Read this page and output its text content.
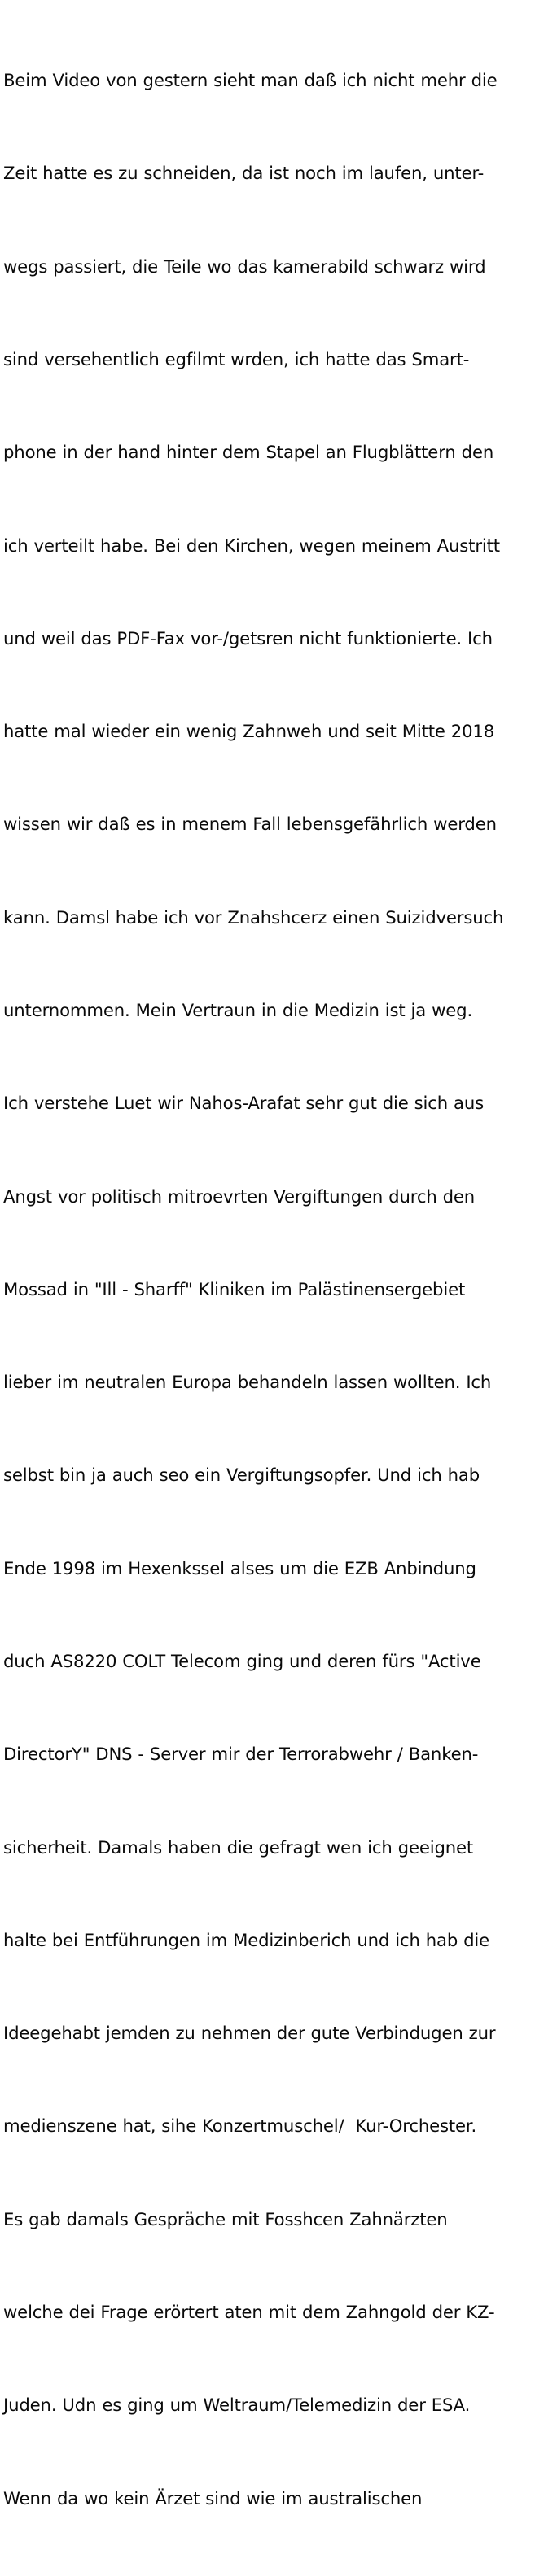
Beim Video von gestern sieht man daß ich nicht mehr die

Zeit hatte es zu schneiden, da ist noch im laufen, unter-

wegs passiert, die Teile wo das kamerabild schwarz wird

sind versehentlich egfilmt wrden, ich hatte das Smart-

phone in der hand hinter dem Stapel an Flugblättern den

ich verteilt habe. Bei den Kirchen, wegen meinem Austritt

und weil das PDF-Fax vor-/getsren nicht funktionierte. Ich

hatte mal wieder ein wenig Zahnweh und seit Mitte 2018

wissen wir daß es in menem Fall lebensgefährlich werden

kann. Damsl habe ich vor Znahshcerz einen Suizidversuch

unternommen. Mein Vertraun in die Medizin ist ja weg.

Ich verstehe Luet wir Nahos-Arafat sehr gut die sich aus

Angst vor politisch mitroevrten Vergiftungen durch den

Mossad in "Ill - Sharff" Kliniken im Palästinensergebiet

lieber im neutralen Europa behandeln lassen wollten. Ich

selbst bin ja auch seo ein Vergiftungsopfer. Und ich hab

Ende 1998 im Hexenkssel alses um die EZB Anbindung

duch AS8220 COLT Telecom ging und deren fürs "Active

DirectorY" DNS - Server mir der Terrorabwehr / Banken-

sicherheit. Damals haben die gefragt wen ich geeignet

halte bei Entführungen im Medizinberich und ich hab die

Ideegehabt jemden zu nehmen der gute Verbindugen zur

medienszene hat, sihe Konzertmuschel/  Kur-Orchester.

Es gab damals Gespräche mit Fosshcen Zahnärzten

welche dei Frage erörtert aten mit dem Zahngold der KZ-

Juden. Udn es ging um Weltraum/Telemedizin der ESA.

Wenn da wo kein Ärzet sind wie im australischen
